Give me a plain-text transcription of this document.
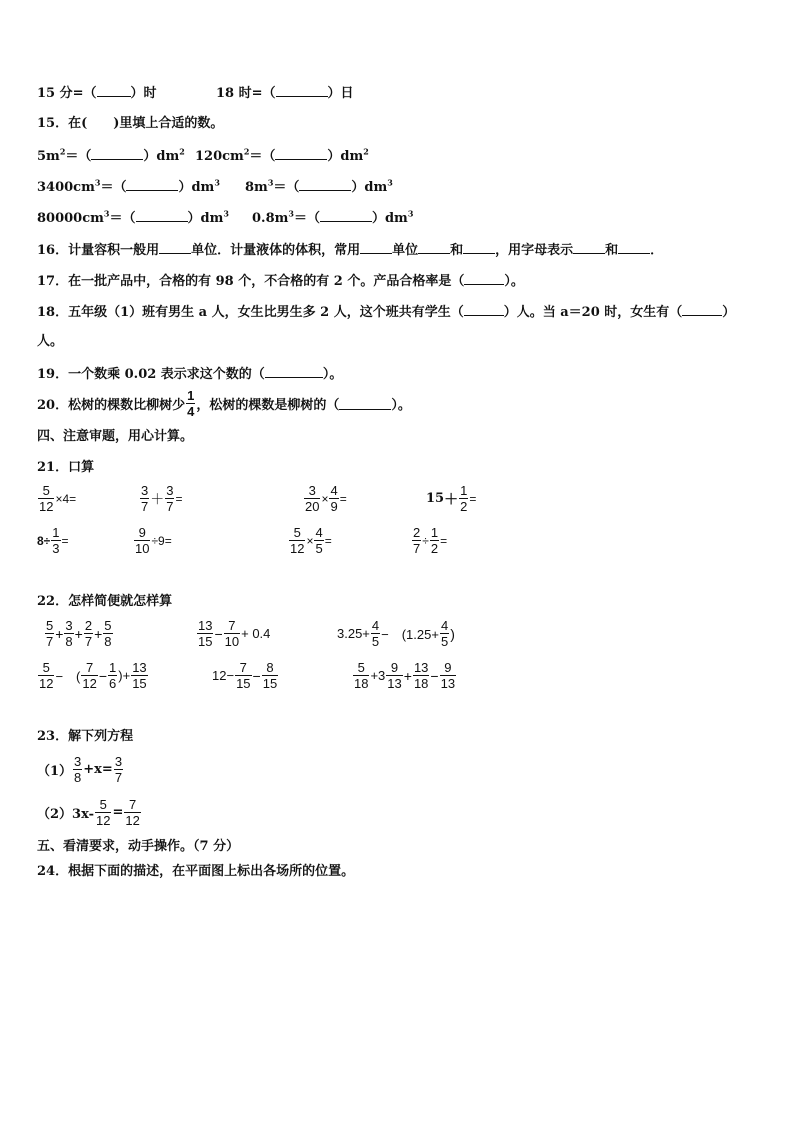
15 分=（	）时	18 时=（	）日
15．在(　　)里填上合适的数。
$5m^2=$（	）$dm^2$ $120cm^2=$（	）$dm^2$
$3400cm^3=$（	）$dm^3$ $8m^3=$（	）$dm^3$
$80000cm^3=$（	）$dm^3$ $0.8m^3=$（	）$dm^3$
16．计量容积一般用 单位．计量液体的体积，常用 单位 和 ，用字母表示 和 ．
17．在一批产品中，合格的有 98 个，不合格的有 2 个。产品合格率是（	）。
18．五年级（1）班有男生 a 人，女生比男生多 2 人，这个班共有学生（	）人。当 a＝20 时，女生有（	）
人。
19．一个数乘 0.02 表示求这个数的（	）。
20．松树的棵数比柳树少 $\frac{1}{4}$ ，松树的棵数是柳树的（	）。
四、注意审题，用心计算。
21．口算
$\frac{5}{12} \times 4=$	$\frac{3}{7} + \frac{3}{7}$ =	$\frac{3}{20} \times \frac{4}{9}$ =	$15 + \frac{1}{2}$ =
$8\div \frac{1}{3}$ =	$\frac{9}{10} \div 9=$	$\frac{5}{12} \times \frac{4}{5}$ =	$\frac{2}{7} \div \frac{1}{2}$ =
22．怎样简便就怎样算
$\frac{5}{7} + \frac{3}{8} + \frac{2}{7} + \frac{5}{8}$	$\frac{13}{15} - \frac{7}{10} + 0.4$	$3.25+ \frac{4}{5}$ −　($1.25+ \frac{4}{5}$ )
$\frac{5}{12}$ −　( $\frac{7}{12} - \frac{1}{6}$ )+ $\frac{13}{15}$	$12- \frac{7}{15} - \frac{8}{15}$	$\frac{5}{18} +3 \frac{9}{13} + \frac{13}{18} - \frac{9}{13}$
23．解下列方程
$(1) \frac{3}{8} +x= \frac{3}{7}$
$(2)3x- \frac{5}{12} = \frac{7}{12}$
五、看清要求，动手操作。（7 分）
24．根据下面的描述，在平面图上标出各场所的位置。
